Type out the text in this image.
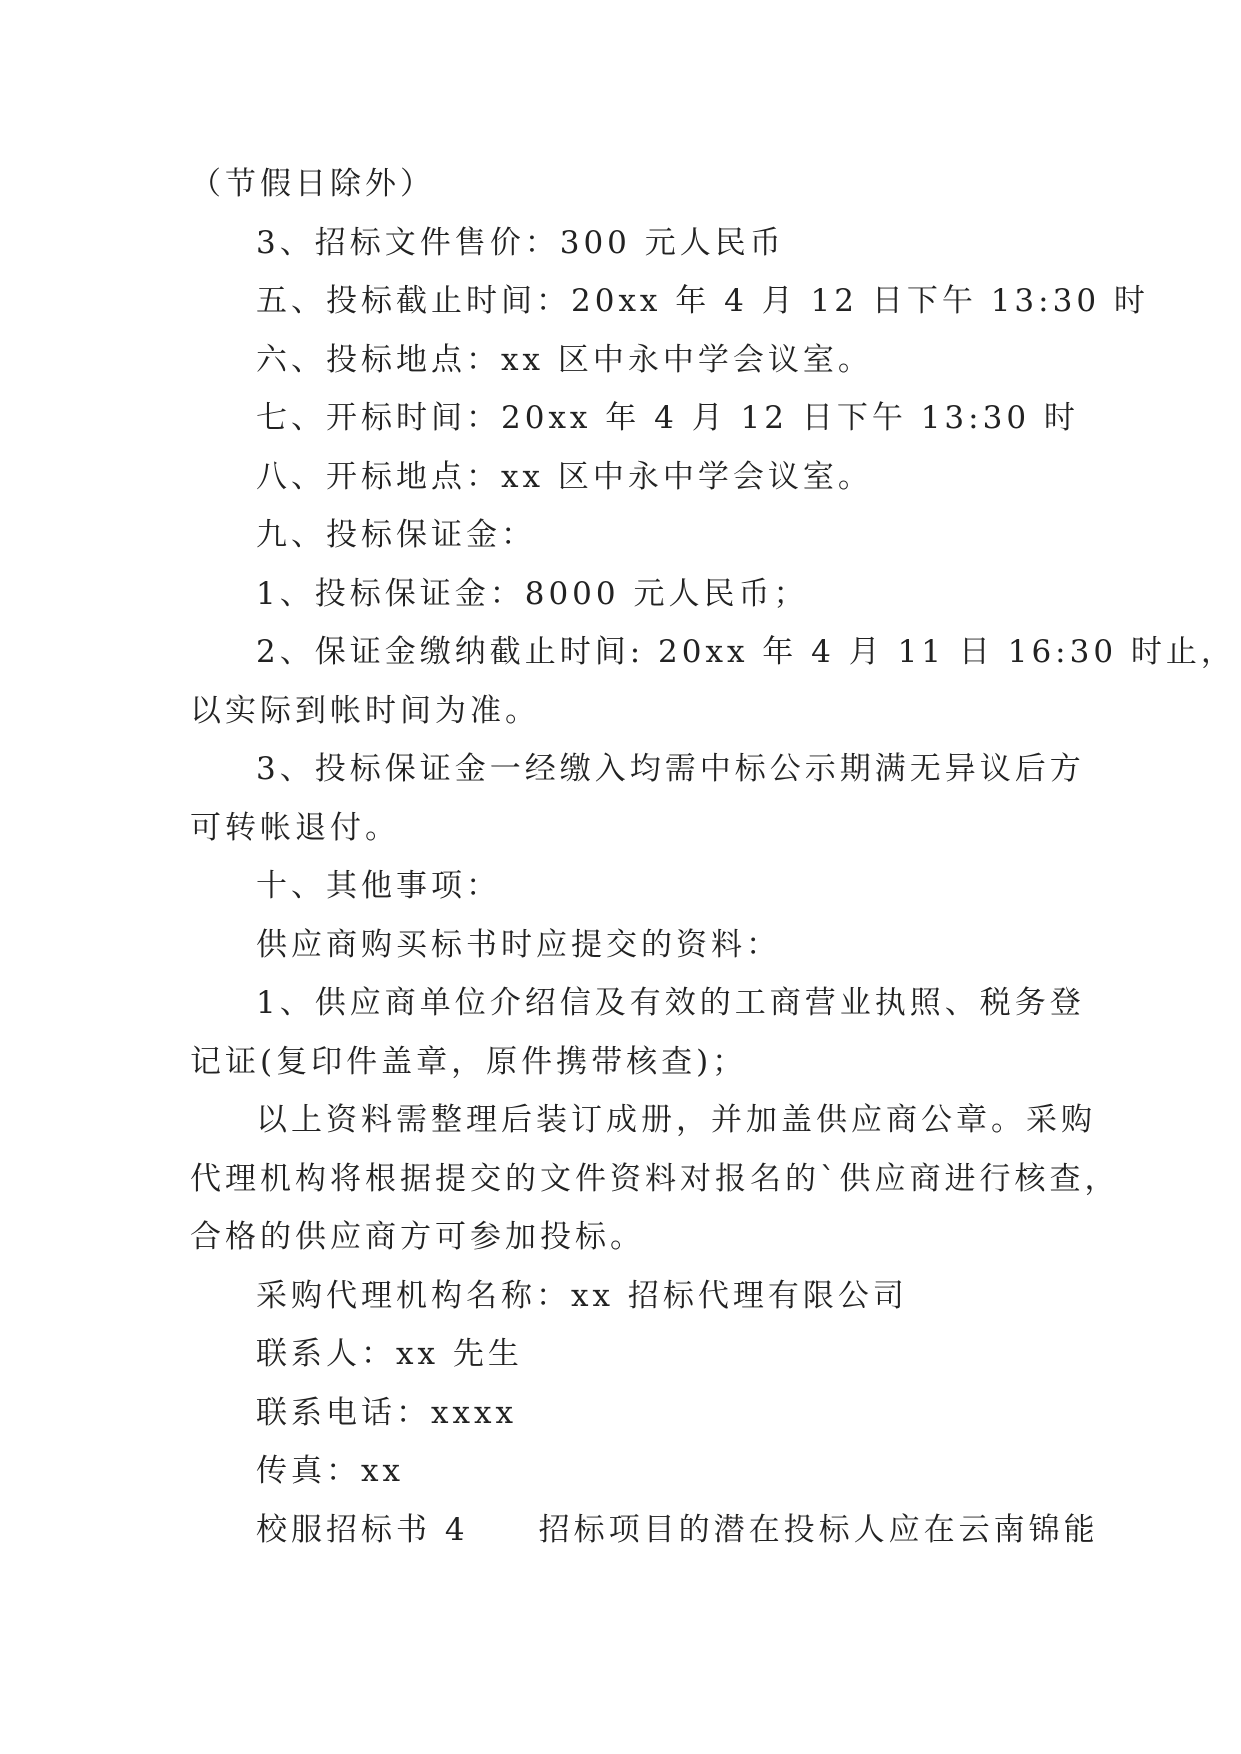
（节假日除外）
3、招标文件售价：300 元人民币
五、投标截止时间：20xx 年 4 月 12 日下午 13:30 时
六、投标地点：xx 区中永中学会议室。
七、开标时间：20xx 年 4 月 12 日下午 13:30 时
八、开标地点：xx 区中永中学会议室。
九、投标保证金：
1、投标保证金：8000 元人民币；
2、保证金缴纳截止时间: 20xx 年 4 月 11 日 16:30 时止，
以实际到帐时间为准。
3、投标保证金一经缴入均需中标公示期满无异议后方
可转帐退付。
十、其他事项：
供应商购买标书时应提交的资料：
1、供应商单位介绍信及有效的工商营业执照、税务登
记证(复印件盖章，原件携带核查)；
以上资料需整理后装订成册，并加盖供应商公章。采购
代理机构将根据提交的文件资料对报名的`供应商进行核查，
合格的供应商方可参加投标。
采购代理机构名称：xx 招标代理有限公司
联系人：xx 先生
联系电话：xxxx
传真：xx
校服招标书 4　　招标项目的潜在投标人应在云南锦能
